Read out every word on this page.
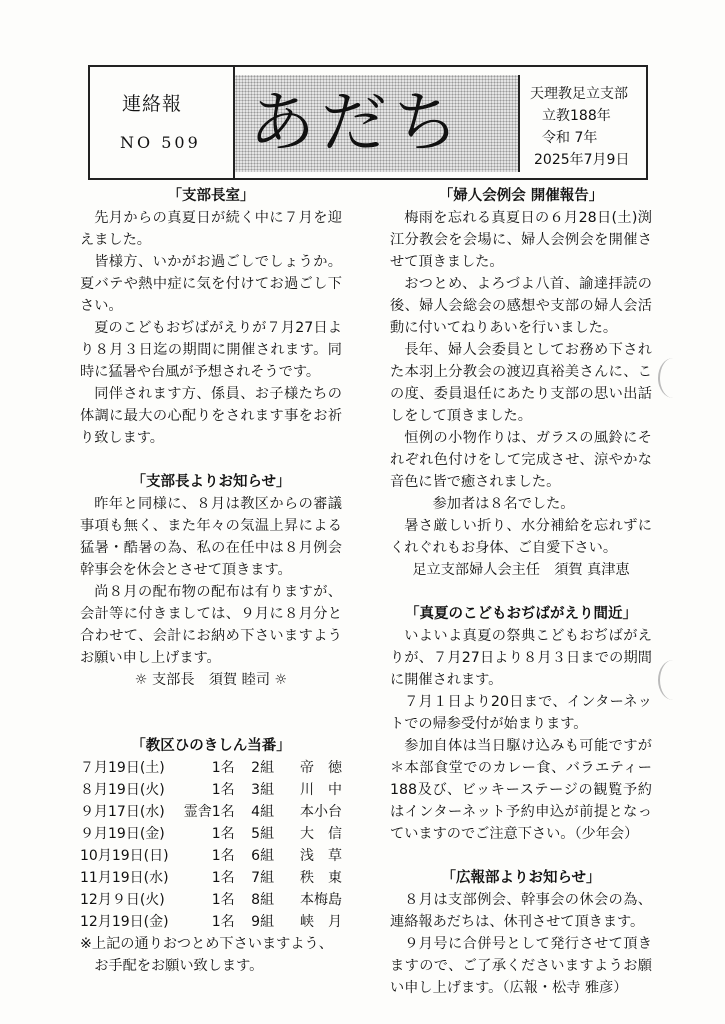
連絡報
NO 509 あだち	天理教足立支部
立教188年
令和 7年
2025年7月9日
「支部長室」
先月からの真夏日が続く中に７月を迎えました。
皆様方、いかがお過ごしでしょうか。夏バテや熱中症に気を付けてお過ごし下さい。
夏のこどもおぢばがえりが７月27日より８月３日迄の期間に開催されます。同時に猛暑や台風が予想されそうです。
同伴されます方、係員、お子様たちの体調に最大の心配りをされます事をお祈り致します。
「支部長よりお知らせ」
昨年と同様に、８月は教区からの審議事項も無く、また年々の気温上昇による猛暑・酷暑の為、私の在任中は８月例会幹事会を休会とさせて頂きます。
尚８月の配布物の配布は有りますが、会計等に付きましては、９月に８月分と合わせて、会計にお納め下さいますようお願い申し上げます。
☼ 支部長　須賀 睦司 ☼
「教区ひのきしん当番」
７月19日(土)		1名	2組	帝　徳
８月19日(火)		1名	3組	川　中
９月17日(水)	霊舎	1名	4組	本小台
９月19日(金)		1名	5組	大　信
10月19日(日)		1名	6組	浅　草
11月19日(水)		1名	7組	秩　東
12月９日(火)		1名	8組	本梅島
12月19日(金)		1名	9組	峡　月
※上記の通りおつとめ下さいますよう、お手配をお願い致します。
「婦人会例会 開催報告」
梅雨を忘れる真夏日の６月28日(土)渕江分教会を会場に、婦人会例会を開催させて頂きました。
おつとめ、よろづよ八首、諭達拝読の後、婦人会総会の感想や支部の婦人会活動に付いてねりあいを行いました。
長年、婦人会委員としてお務め下された本羽上分教会の渡辺真裕美さんに、この度、委員退任にあたり支部の思い出話しをして頂きました。
恒例の小物作りは、ガラスの風鈴にそれぞれ色付けをして完成させ、涼やかな音色に皆で癒されました。
参加者は８名でした。
暑さ厳しい折り、水分補給を忘れずにくれぐれもお身体、ご自愛下さい。
足立支部婦人会主任　須賀 真津恵
「真夏のこどもおぢばがえり間近」
いよいよ真夏の祭典こどもおぢばがえりが、７月27日より８月３日までの期間に開催されます。
７月１日より20日まで、インターネットでの帰参受付が始まります。
参加自体は当日駆け込みも可能ですが＊本部食堂でのカレー食、バラエティー188及び、ビッキーステージの観覧予約はインターネット予約申込が前提となっていますのでご注意下さい。（少年会）
「広報部よりお知らせ」
８月は支部例会、幹事会の休会の為、連絡報あだちは、休刊させて頂きます。
９月号に合併号として発行させて頂きますので、ご了承くださいますようお願い申し上げます。（広報・松寺 雅彦）
